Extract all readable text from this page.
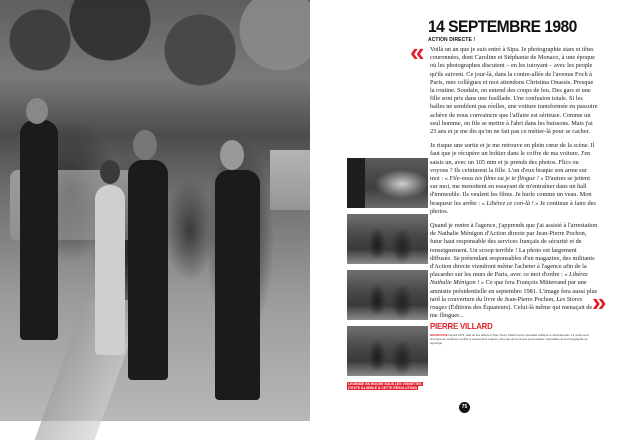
14 SEPTEMBRE 1980
ACTION DIRECTE !
« Voilà un an que je suis entré à Sipa. Je photographie stars et têtes couronnées, dont Caroline et Stéphanie de Monaco, à une époque où les photographes discutent – en les tutoyant – avec les people qu'ils suivent. Ce jour-là, dans la contre-allée de l'avenue Foch à Paris, mes collègues et moi attendons Christina Onassis. Presque la routine. Soudain, on entend des coups de feu. Des gars et une fille sont pris dans une fusillade. Une confusion totale. Si les balles ne semblent pas réelles, une voiture transformée en passoire achève de nous convaincre que l'affaire est sérieuse. Comme un seul homme, on file se mettre à l'abri dans les buissons. Mais j'ai 23 ans et je me dis qu'on ne fait pas ce métier-là pour se cacher.

Je risque une sortie et je me retrouve en plein cœur de la scène. Il faut que je récupère un boîtier dans le coffre de ma voiture. J'en saisis un, avec un 105 mm et je prends des photos. Flics ou voyous ? Ils ceinturent la fille. L'un d'eux braque son arme sur moi : « File-nous tes films ou je te flingue ! » D'autres se jettent sur moi, me menottent en essayant de m'entraîner dans un hall d'immeuble. Ils veulent les films. Je hurle comme un veau. Mon braqueur les arrête : « Libérez ce con-là ! » Je continue à faire des photos.

Quand je rentre à l'agence, j'apprends que j'ai assisté à l'arrestation de Nathalie Ménigon d'Action directe par Jean-Pierre Pochon, futur haut responsable des services français de sécurité et de renseignement. Un scoop terrible ! La photo est largement diffusée. Se prétendant responsables d'un magazine, des militants d'Action directe viendront même l'acheter à l'agence afin de la placarder sur les murs de Paris, avec ce mot d'ordre : « Libérez Nathalie Ménigon ! » Ce que fera François Mitterrand par une amnistie présidentielle en septembre 1981. L'image fera aussi plus tard la couverture du livre de Jean-Pierre Pochon, Les Stores rouges (Éditions des Équateurs). Celui-là même qui menaçait de me flinguer...	»
LÉGENDE EN ROUGE SOUS LES VIGNETTES (TEXTE ILLISIBLE À CETTE RÉSOLUTION)
PIERRE VILLARD
BIOGRAPHIE Depuis 1979, date de ses débuts à Sipa, Pierre Villard couvre l'actualité politique et internationale. Il a notamment témoigné de nombreux conflits et événements majeurs, ainsi que de la vie des personnalités. Spécialiste de la photographie de reportage.
75
